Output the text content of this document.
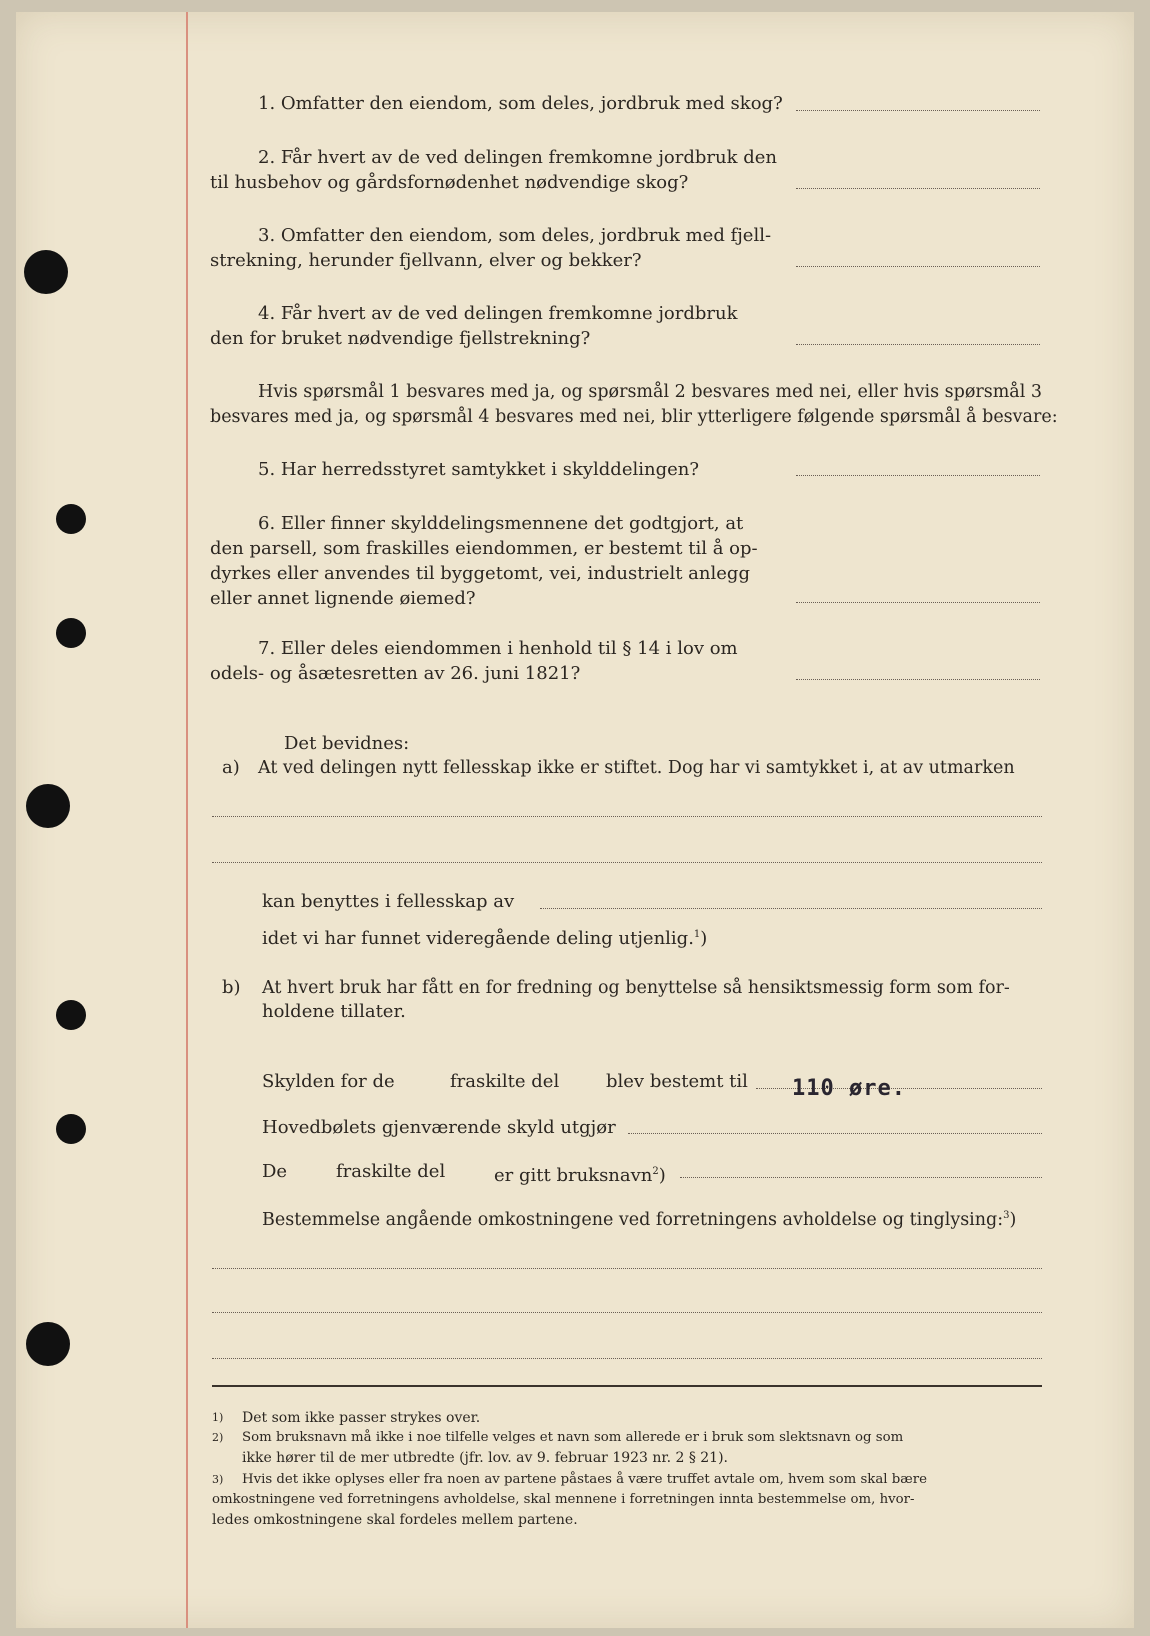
1. Omfatter den eiendom, som deles, jordbruk med skog?
2. Får hvert av de ved delingen fremkomne jordbruk den
til husbehov og gårdsfornødenhet nødvendige skog?
3. Omfatter den eiendom, som deles, jordbruk med fjell-
strekning, herunder fjellvann, elver og bekker?
4. Får hvert av de ved delingen fremkomne jordbruk
den for bruket nødvendige fjellstrekning?
Hvis spørsmål 1 besvares med ja, og spørsmål 2 besvares med nei, eller hvis spørsmål 3
besvares med ja, og spørsmål 4 besvares med nei, blir ytterligere følgende spørsmål å besvare:
5. Har herredsstyret samtykket i skylddelingen?
6. Eller finner skylddelingsmennene det godtgjort, at
den parsell, som fraskilles eiendommen, er bestemt til å op-
dyrkes eller anvendes til byggetomt, vei, industrielt anlegg
eller annet lignende øiemed?
7. Eller deles eiendommen i henhold til § 14 i lov om
odels- og åsætesretten av 26. juni 1821?
Det bevidnes:
a) At ved delingen nytt fellesskap ikke er stiftet. Dog har vi samtykket i, at av utmarken
kan benyttes i fellesskap av
idet vi har funnet videregående deling utjenlig.$^1$)
b) At hvert bruk har fått en for fredning og benyttelse så hensiktsmessig form som for-
holdene tillater.
Skylden for de	fraskilte del	blev bestemt til 110 øre.
Hovedbølets gjenværende skyld utgjør
De	fraskilte del	er gitt bruksnavn$^2$)
Bestemmelse angående omkostningene ved forretningens avholdelse og tinglysing:$^3$)
1) Det som ikke passer strykes over.
2) Som bruksnavn må ikke i noe tilfelle velges et navn som allerede er i bruk som slektsnavn og som
ikke hører til de mer utbredte (jfr. lov. av 9. februar 1923 nr. 2 § 21).
3) Hvis det ikke oplyses eller fra noen av partene påstaes å være truffet avtale om, hvem som skal bære
omkostningene ved forretningens avholdelse, skal mennene i forretningen innta bestemmelse om, hvor-
ledes omkostningene skal fordeles mellem partene.
